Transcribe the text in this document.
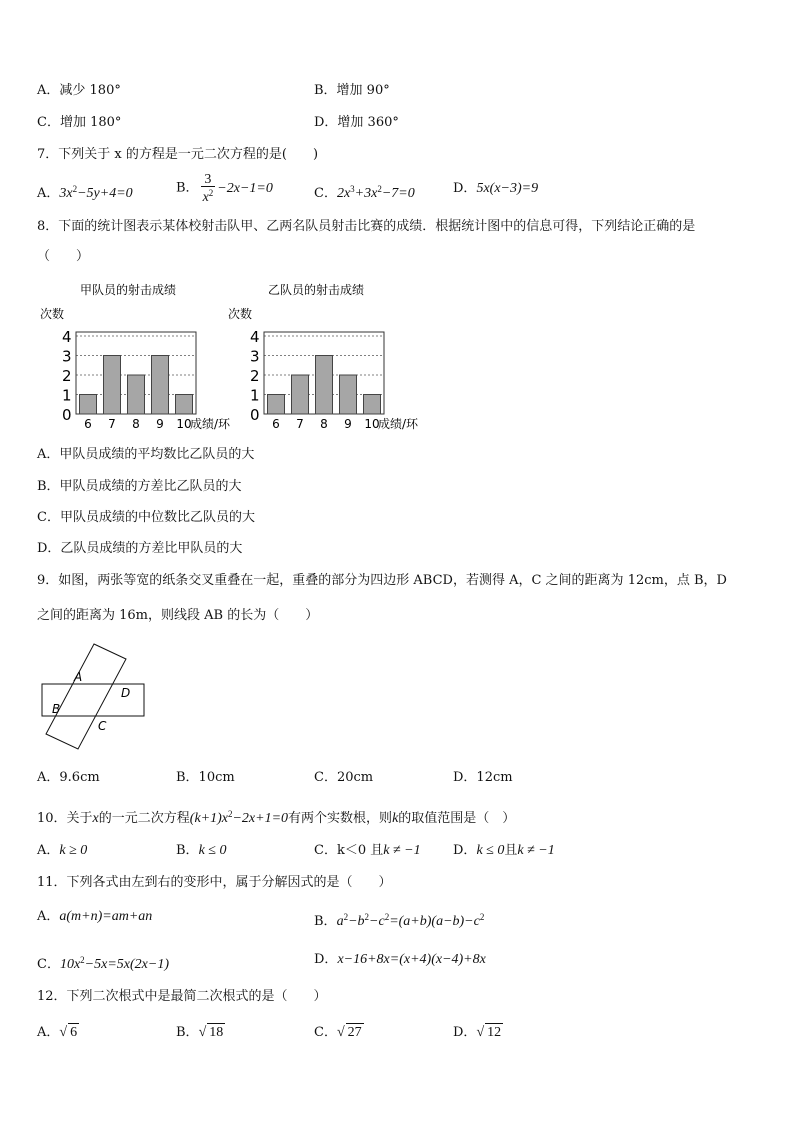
A．减少 180°	B．增加 90°
C．增加 180°	D．增加 360°
7．下列关于 x 的方程是一元二次方程的是(　　)
A．$3x^2-5y+4=0$	B． $\frac{3}{x^2} -2x-1=0$	C．$2x^3+3x^2-7=0$	D．5x(x−3)=9
8．下面的统计图表示某体校射击队甲、乙两名队员射击比赛的成绩．根据统计图中的信息可得，下列结论正确的是
（　　）
甲队员的射击成绩
次数
0
1
2
3
4
6 7 8 9 10
成绩/环
乙队员的射击成绩
次数
0
1
2
3
4
6 7 8 9 10
成绩/环
A．甲队员成绩的平均数比乙队员的大
B．甲队员成绩的方差比乙队员的大
C．甲队员成绩的中位数比乙队员的大
D．乙队员成绩的方差比甲队员的大
9．如图，两张等宽的纸条交叉重叠在一起，重叠的部分为四边形 ABCD，若测得 A，C 之间的距离为 12cm，点 B，D
之间的距离为 16m，则线段 AB 的长为（　　）
A
D
B
C
A．9.6cm	B．10cm	C．20cm	D．12cm
10．关于x的一元二次方程$(k+1)x^2-2x+1=0$有两个实数根，则k的取值范围是（　）
A．k ≥ 0	B．k ≤ 0	C．k＜0 且k ≠ −1 D．k ≤ 0且k ≠ −1
11．下列各式由左到右的变形中，属于分解因式的是（　　）
A．a(m+n)=am+an	B．$a^2-b^2-c^2=(a+b)(a-b)-c^2$
C．$10x^2-5x=5x(2x-1)$	D．x−16+8x=(x+4)(x−4)+8x
12．下列二次根式中是最简二次根式的是（　　）
A．√ 6	B．√ 18	C．√ 27	D．√ 12
